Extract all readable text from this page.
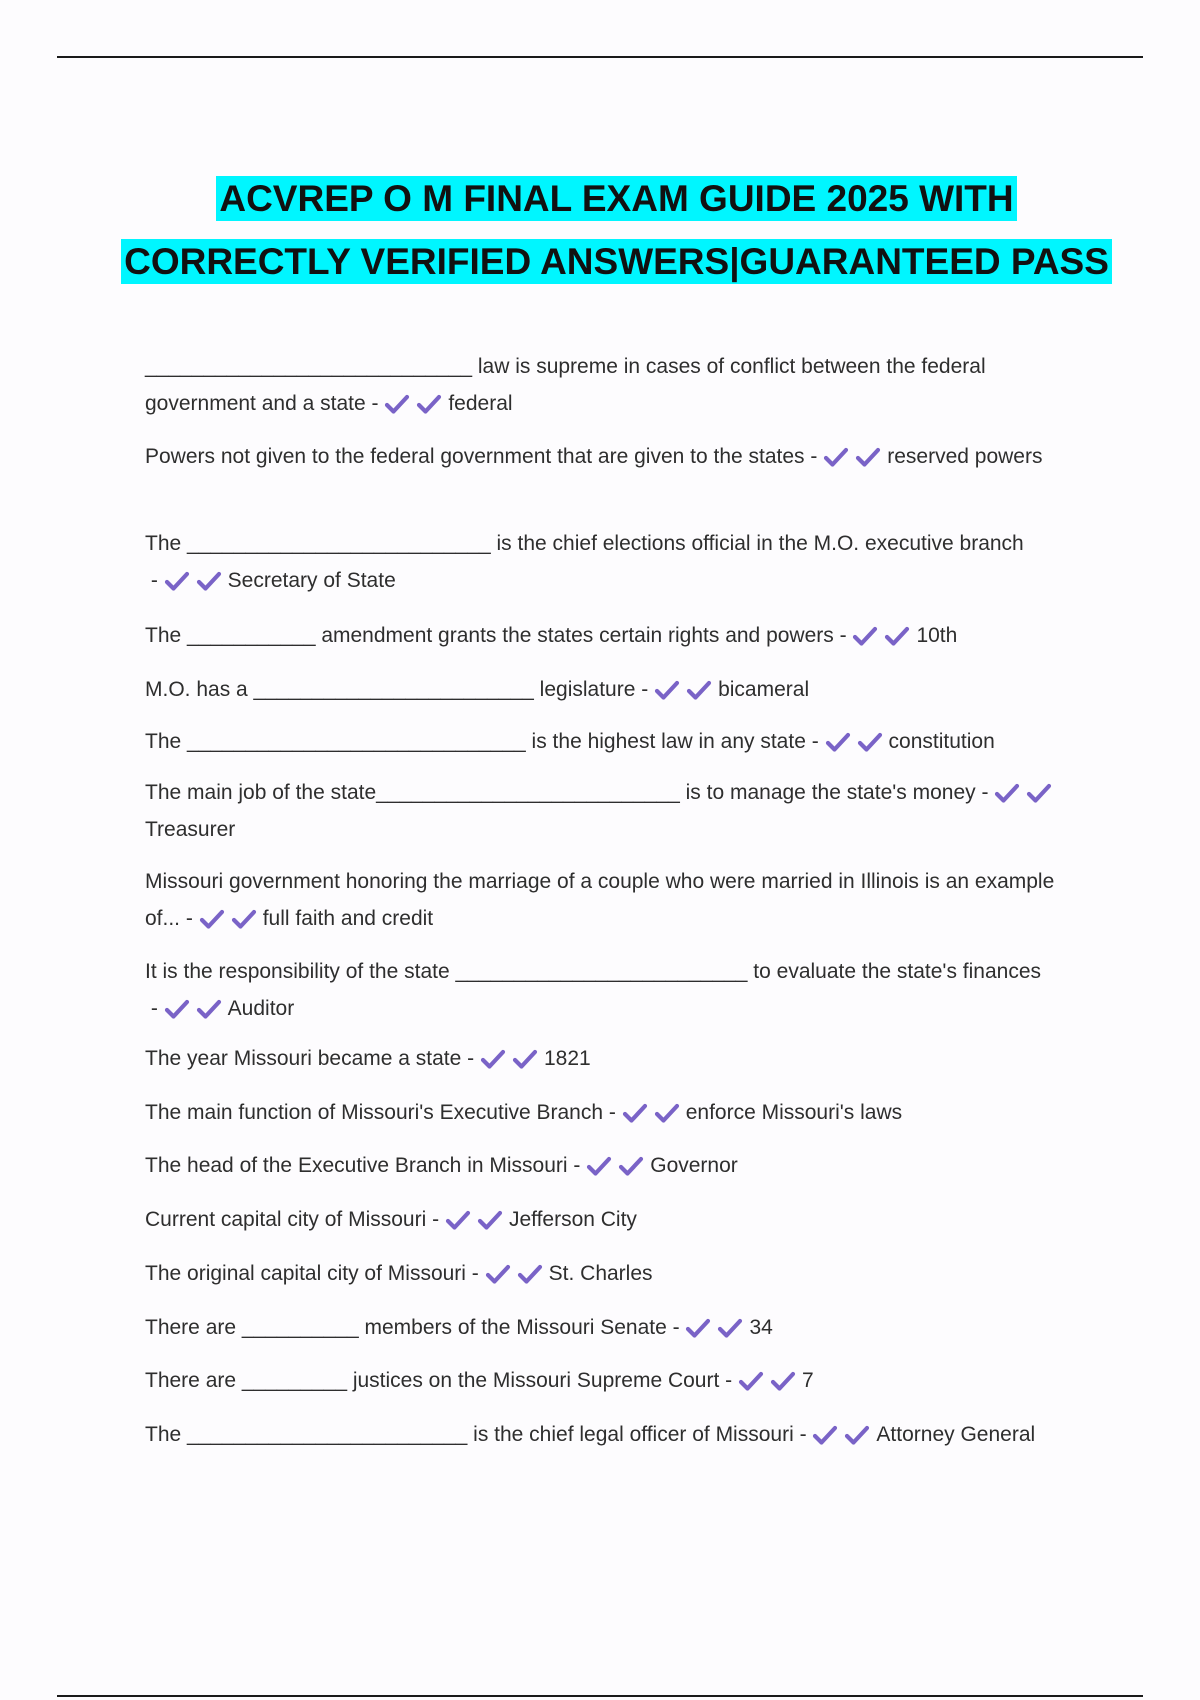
ACVREP O M FINAL EXAM GUIDE 2025 WITH CORRECTLY VERIFIED ANSWERS|GUARANTEED PASS

____________________________ law is supreme in cases of conflict between the federal government and a state -	federal

Powers not given to the federal government that are given to the states -	reserved powers

The __________________________ is the chief elections official in the M.O. executive branch -	Secretary of State

The ___________ amendment grants the states certain rights and powers -	10th

M.O. has a ________________________ legislature -	bicameral

The _____________________________ is the highest law in any state -	constitution

The main job of the state__________________________ is to manage the state's money -
Treasurer

Missouri government honoring the marriage of a couple who were married in Illinois is an example of... -	full faith and credit

It is the responsibility of the state _________________________ to evaluate the state's finances -	Auditor

The year Missouri became a state -	1821

The main function of Missouri's Executive Branch -	enforce Missouri's laws

The head of the Executive Branch in Missouri -	Governor

Current capital city of Missouri -	Jefferson City

The original capital city of Missouri -	St. Charles

There are __________ members of the Missouri Senate -	34

There are _________ justices on the Missouri Supreme Court -	7

The ________________________ is the chief legal officer of Missouri -	Attorney General
